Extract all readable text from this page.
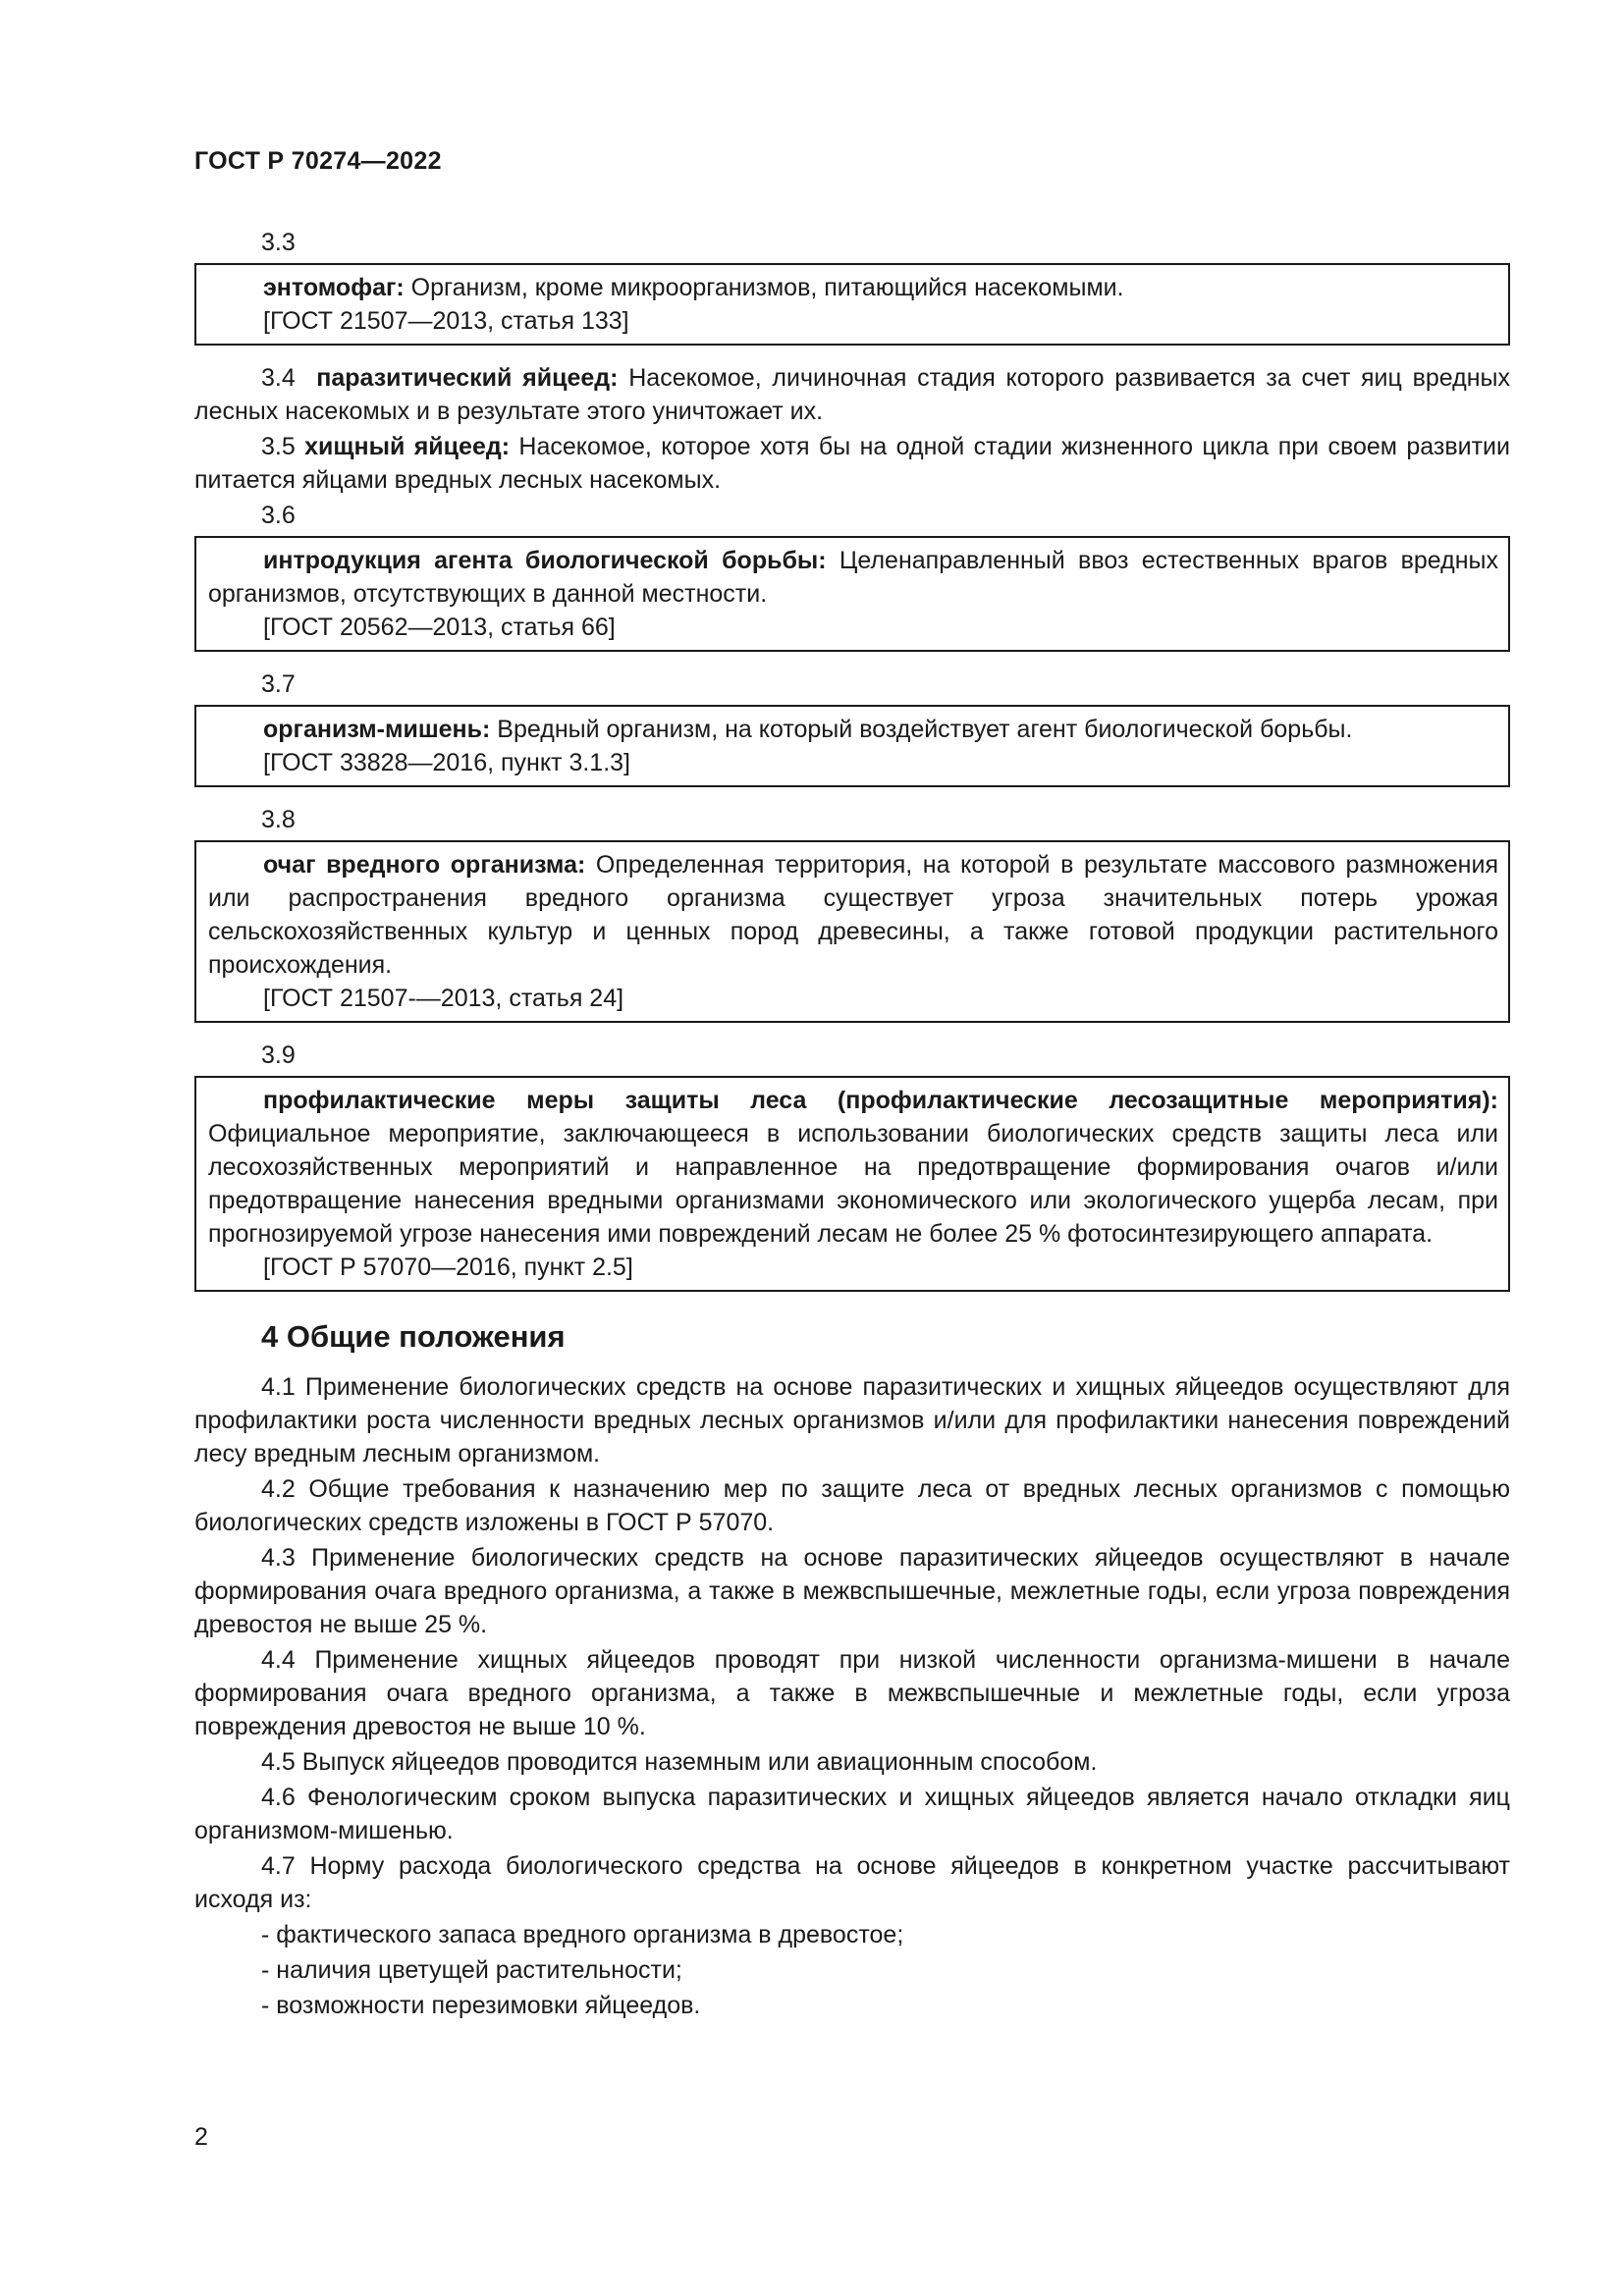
ГОСТ Р 70274—2022
3.3

энтомофаг: Организм, кроме микроорганизмов, питающийся насекомыми.

[ГОСТ 21507—2013, статья 133]

3.4 паразитический яйцеед: Насекомое, личиночная стадия которого развивается за счет яиц вредных лесных насекомых и в результате этого уничтожает их.

3.5 хищный яйцеед: Насекомое, которое хотя бы на одной стадии жизненного цикла при своем развитии питается яйцами вредных лесных насекомых.

3.6

интродукция агента биологической борьбы: Целенаправленный ввоз естественных врагов вредных организмов, отсутствующих в данной местности.

[ГОСТ 20562—2013, статья 66]

3.7

организм-мишень: Вредный организм, на который воздействует агент биологической борьбы.

[ГОСТ 33828—2016, пункт 3.1.3]

3.8

очаг вредного организма: Определенная территория, на которой в результате массового размножения или распространения вредного организма существует угроза значительных потерь урожая сельскохозяйственных культур и ценных пород древесины, а также готовой продукции растительного происхождения.

[ГОСТ 21507-—2013, статья 24]

3.9

профилактические меры защиты леса (профилактические лесозащитные мероприятия): Официальное мероприятие, заключающееся в использовании биологических средств защиты леса или лесохозяйственных мероприятий и направленное на предотвращение формирования очагов и/или предотвращение нанесения вредными организмами экономического или экологического ущерба лесам, при прогнозируемой угрозе нанесения ими повреждений лесам не более 25 % фотосинтезирующего аппарата.

[ГОСТ Р 57070—2016, пункт 2.5]

4 Общие положения

4.1 Применение биологических средств на основе паразитических и хищных яйцеедов осуществляют для профилактики роста численности вредных лесных организмов и/или для профилактики нанесения повреждений лесу вредным лесным организмом.

4.2 Общие требования к назначению мер по защите леса от вредных лесных организмов с помощью биологических средств изложены в ГОСТ Р 57070.

4.3 Применение биологических средств на основе паразитических яйцеедов осуществляют в начале формирования очага вредного организма, а также в межвспышечные, межлетные годы, если угроза повреждения древостоя не выше 25 %.

4.4 Применение хищных яйцеедов проводят при низкой численности организма-мишени в начале формирования очага вредного организма, а также в межвспышечные и межлетные годы, если угроза повреждения древостоя не выше 10 %.

4.5 Выпуск яйцеедов проводится наземным или авиационным способом.

4.6 Фенологическим сроком выпуска паразитических и хищных яйцеедов является начало откладки яиц организмом-мишенью.

4.7 Норму расхода биологического средства на основе яйцеедов в конкретном участке рассчитывают исходя из:

- фактического запаса вредного организма в древостое;
- наличия цветущей растительности;
- возможности перезимовки яйцеедов.
2
